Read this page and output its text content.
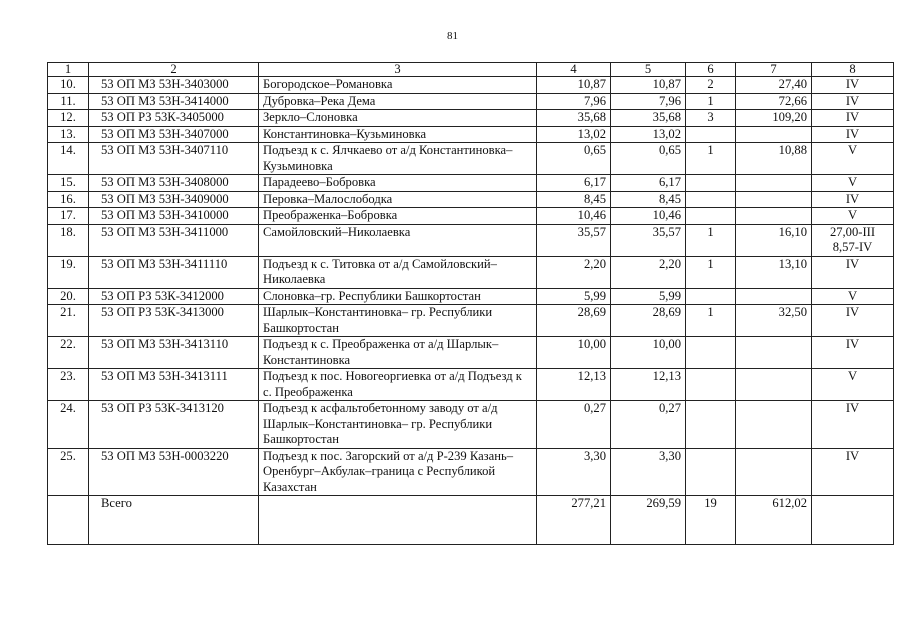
81
1	2	3	4	5	6	7	8
10.	53 ОП МЗ 53Н-3403000	Богородское–Романовка	10,87	10,87	2	27,40	IV
11.	53 ОП МЗ 53Н-3414000	Дубровка–Река Дема	7,96	7,96	1	72,66	IV
12.	53 ОП РЗ 53К-3405000	Зеркло–Слоновка	35,68	35,68	3	109,20	IV
13.	53 ОП МЗ 53Н-3407000	Константиновка–Кузьминовка	13,02	13,02			IV
14.	53 ОП МЗ 53Н-3407110	Подъезд к с. Ялчкаево от а/д Константиновка–Кузьминовка	0,65	0,65	1	10,88	V
15.	53 ОП МЗ 53Н-3408000	Парадеево–Бобровка	6,17	6,17			V
16.	53 ОП МЗ 53Н-3409000	Перовка–Малослободка	8,45	8,45			IV
17.	53 ОП МЗ 53Н-3410000	Преображенка–Бобровка	10,46	10,46			V
18.	53 ОП МЗ 53Н-3411000	Самойловский–Николаевка	35,57	35,57	1	16,10	27,00-III 8,57-IV
19.	53 ОП МЗ 53Н-3411110	Подъезд к с. Титовка от а/д Самойловский–Николаевка	2,20	2,20	1	13,10	IV
20.	53 ОП РЗ 53К-3412000	Слоновка–гр. Республики Башкортостан	5,99	5,99			V
21.	53 ОП РЗ 53К-3413000	Шарлык–Константиновка– гр. Республики Башкортостан	28,69	28,69	1	32,50	IV
22.	53 ОП МЗ 53Н-3413110	Подъезд к с. Преображенка от а/д Шарлык–Константиновка	10,00	10,00			IV
23.	53 ОП МЗ 53Н-3413111	Подъезд к пос. Новогеоргиевка от а/д Подъезд к с. Преображенка	12,13	12,13			V
24.	53 ОП РЗ 53К-3413120	Подъезд к асфальтобетонному заводу от а/д Шарлык–Константиновка– гр. Республики Башкортостан	0,27	0,27			IV
25.	53 ОП МЗ 53Н-0003220	Подъезд к пос. Загорский от а/д Р-239 Казань–Оренбург–Акбулак–граница с Республикой Казахстан	3,30	3,30			IV
	Всего		277,21	269,59	19	612,02	
